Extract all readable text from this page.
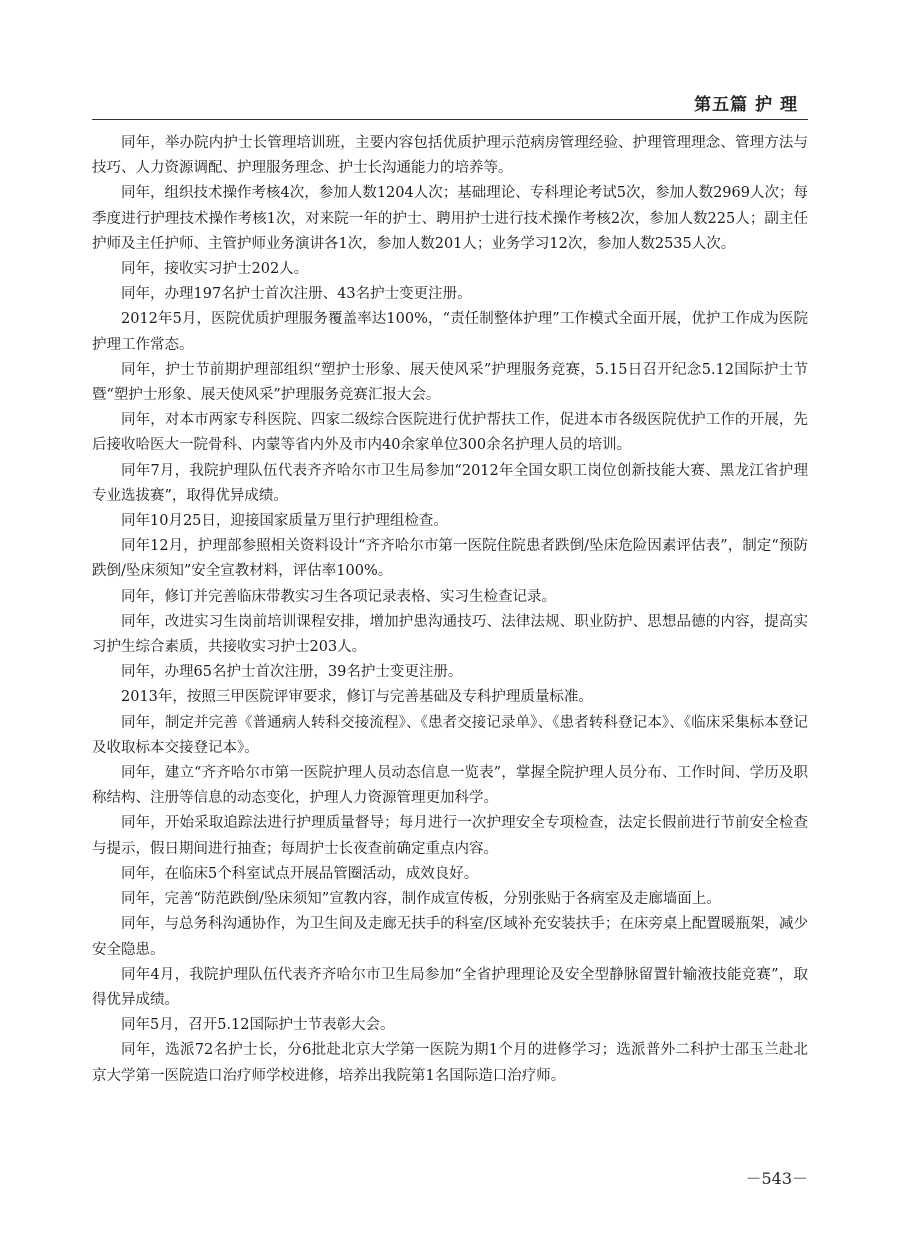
第五篇 护 理

同年，举办院内护士长管理培训班，主要内容包括优质护理示范病房管理经验、护理管理理念、管理方法与技巧、人力资源调配、护理服务理念、护士长沟通能力的培养等。

同年，组织技术操作考核4次，参加人数1204人次；基础理论、专科理论考试5次，参加人数2969人次；每季度进行护理技术操作考核1次，对来院一年的护士、聘用护士进行技术操作考核2次，参加人数225人；副主任护师及主任护师、主管护师业务演讲各1次，参加人数201人；业务学习12次，参加人数2535人次。

同年，接收实习护士202人。

同年，办理197名护士首次注册、43名护士变更注册。

2012年5月，医院优质护理服务覆盖率达100%，“责任制整体护理”工作模式全面开展，优护工作成为医院护理工作常态。

同年，护士节前期护理部组织“塑护士形象、展天使风采”护理服务竞赛，5.15日召开纪念5.12国际护士节暨“塑护士形象、展天使风采”护理服务竞赛汇报大会。

同年，对本市两家专科医院、四家二级综合医院进行优护帮扶工作，促进本市各级医院优护工作的开展，先后接收哈医大一院骨科、内蒙等省内外及市内40余家单位300余名护理人员的培训。

同年7月，我院护理队伍代表齐齐哈尔市卫生局参加“2012年全国女职工岗位创新技能大赛、黑龙江省护理专业选拔赛”，取得优异成绩。

同年10月25日，迎接国家质量万里行护理组检查。

同年12月，护理部参照相关资料设计“齐齐哈尔市第一医院住院患者跌倒/坠床危险因素评估表”，制定“预防跌倒/坠床须知”安全宣教材料，评估率100%。

同年，修订并完善临床带教实习生各项记录表格、实习生检查记录。

同年，改进实习生岗前培训课程安排，增加护患沟通技巧、法律法规、职业防护、思想品德的内容，提高实习护生综合素质，共接收实习护士203人。

同年，办理65名护士首次注册，39名护士变更注册。

2013年，按照三甲医院评审要求，修订与完善基础及专科护理质量标准。

同年，制定并完善《普通病人转科交接流程》、《患者交接记录单》、《患者转科登记本》、《临床采集标本登记及收取标本交接登记本》。

同年，建立“齐齐哈尔市第一医院护理人员动态信息一览表”，掌握全院护理人员分布、工作时间、学历及职称结构、注册等信息的动态变化，护理人力资源管理更加科学。

同年，开始采取追踪法进行护理质量督导；每月进行一次护理安全专项检查，法定长假前进行节前安全检查与提示，假日期间进行抽查；每周护士长夜查前确定重点内容。

同年，在临床5个科室试点开展品管圈活动，成效良好。

同年，完善“防范跌倒/坠床须知”宣教内容，制作成宣传板，分别张贴于各病室及走廊墙面上。

同年，与总务科沟通协作，为卫生间及走廊无扶手的科室/区域补充安装扶手；在床旁桌上配置暖瓶架，减少安全隐患。

同年4月，我院护理队伍代表齐齐哈尔市卫生局参加“全省护理理论及安全型静脉留置针输液技能竞赛”，取得优异成绩。

同年5月，召开5.12国际护士节表彰大会。

同年，选派72名护士长，分6批赴北京大学第一医院为期1个月的进修学习；选派普外二科护士邵玉兰赴北京大学第一医院造口治疗师学校进修，培养出我院第1名国际造口治疗师。

－543－
